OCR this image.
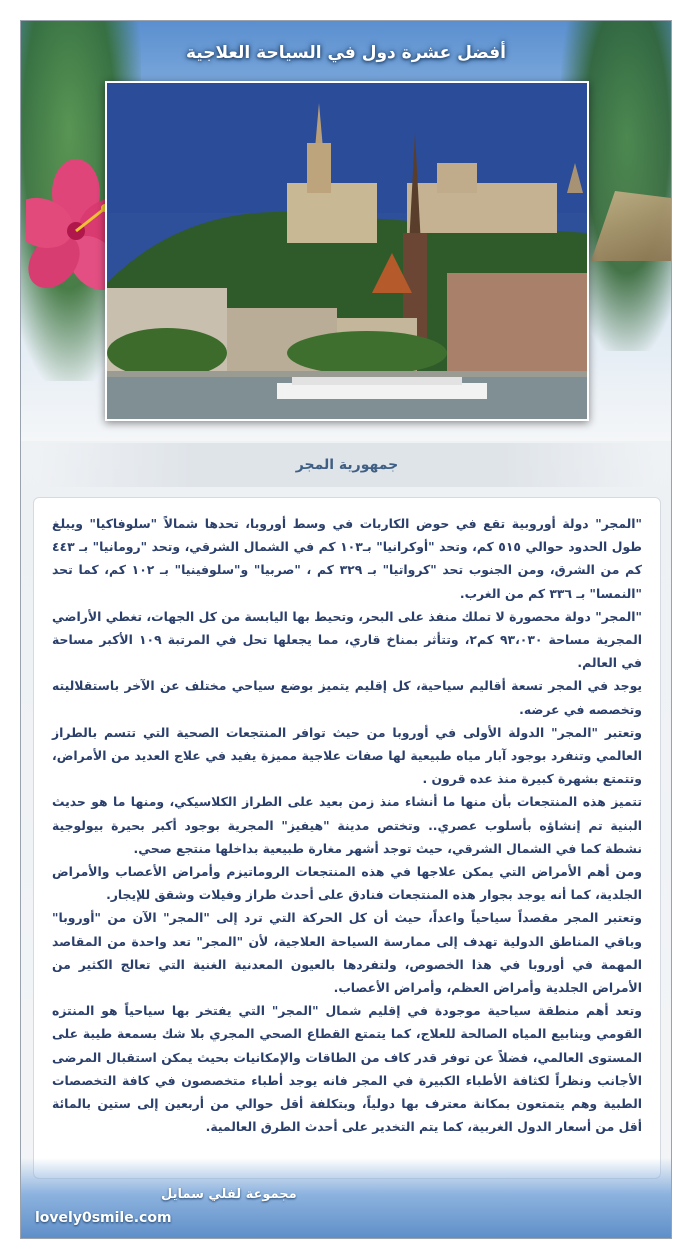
أفضل عشرة دول في السياحة العلاجية
جمهورية المجر

"المجر" دولة أوروبية تقع في حوض الكاربات في وسط أوروبا، تحدها شمالاً "سلوفاكيا" ويبلغ طول الحدود حوالي ٥١٥ كم، وتحد "أوكرانيا" بـ١٠٣ كم في الشمال الشرقي، وتحد "رومانيا" بـ ٤٤٣ كم من الشرق، ومن الجنوب تحد "كرواتيا" بـ ٣٢٩ كم ، "صربيا" و"سلوفينيا" بـ ١٠٢ كم، كما تحد "النمسا" بـ ٣٣٦ كم من الغرب.

"المجر" دولة محصورة لا تملك منفذ على البحر، وتحيط بها اليابسة من كل الجهات، تغطي الأراضي المجرية مساحة ٩٣،٠٣٠ كم٢، وتتأثر بمناخ قاري، مما يجعلها تحل في المرتبة ١٠٩ الأكبر مساحة في العالم.

يوجد في المجر تسعة أقاليم سياحية، كل إقليم يتميز بوضع سياحي مختلف عن الآخر باستقلاليته وتخصصه في عرضه.

وتعتبر "المجر" الدولة الأولى في أوروبا من حيث توافر المنتجعات الصحية التي تتسم بالطراز العالمي وتنفرد بوجود آبار مياه طبيعية لها صفات علاجية مميزة يفيد في علاج العديد من الأمراض، وتتمتع بشهرة كبيرة منذ عده قرون .

تتميز هذه المنتجعات بأن منها ما أنشاء منذ زمن بعيد على الطراز الكلاسيكي، ومنها ما هو حديث البنية تم إنشاؤه بأسلوب عصري.. وتختص مدينة "هيفيز" المجرية بوجود أكبر بحيرة بيولوجية نشطة كما في الشمال الشرقي، حيث توجد أشهر مغارة طبيعية بداخلها منتجع صحي.

ومن أهم الأمراض التي يمكن علاجها في هذه المنتجعات الروماتيزم وأمراض الأعصاب والأمراض الجلدية، كما أنه يوجد بجوار هذه المنتجعات فنادق على أحدث طراز وفيلات وشقق للإيجار.

وتعتبر المجر مقصداً سياحياً واعداً، حيث أن كل الحركة التي ترد إلى "المجر" الآن من "أوروبا" وباقي المناطق الدولية تهدف إلى ممارسة السياحة العلاجية، لأن "المجر" تعد واحدة من المقاصد المهمة في أوروبا في هذا الخصوص، ولتفردها بالعيون المعدنية الغنية التي تعالج الكثير من الأمراض الجلدية وأمراض العظم، وأمراض الأعصاب.

وتعد أهم منطقة سياحية موجودة في إقليم شمال "المجر" التي يفتخر بها سياحياً هو المنتزه القومي وينابيع المياه الصالحة للعلاج، كما يتمتع القطاع الصحي المجري بلا شك بسمعة طيبة على المستوى العالمي، فضلاً عن توفر قدر كاف من الطاقات والإمكانيات بحيث يمكن استقبال المرضى الأجانب ونظراً لكثافة الأطباء الكبيرة في المجر فانه يوجد أطباء متخصصون في كافة التخصصات الطبية وهم يتمتعون بمكانة معترف بها دولياً، وبتكلفة أقل حوالي من أربعين إلى ستين بالمائة أقل من أسعار الدول الغربية، كما يتم التخدير على أحدث الطرق العالمية.

مجموعة لفلي سمايل
lovely0smile.com
